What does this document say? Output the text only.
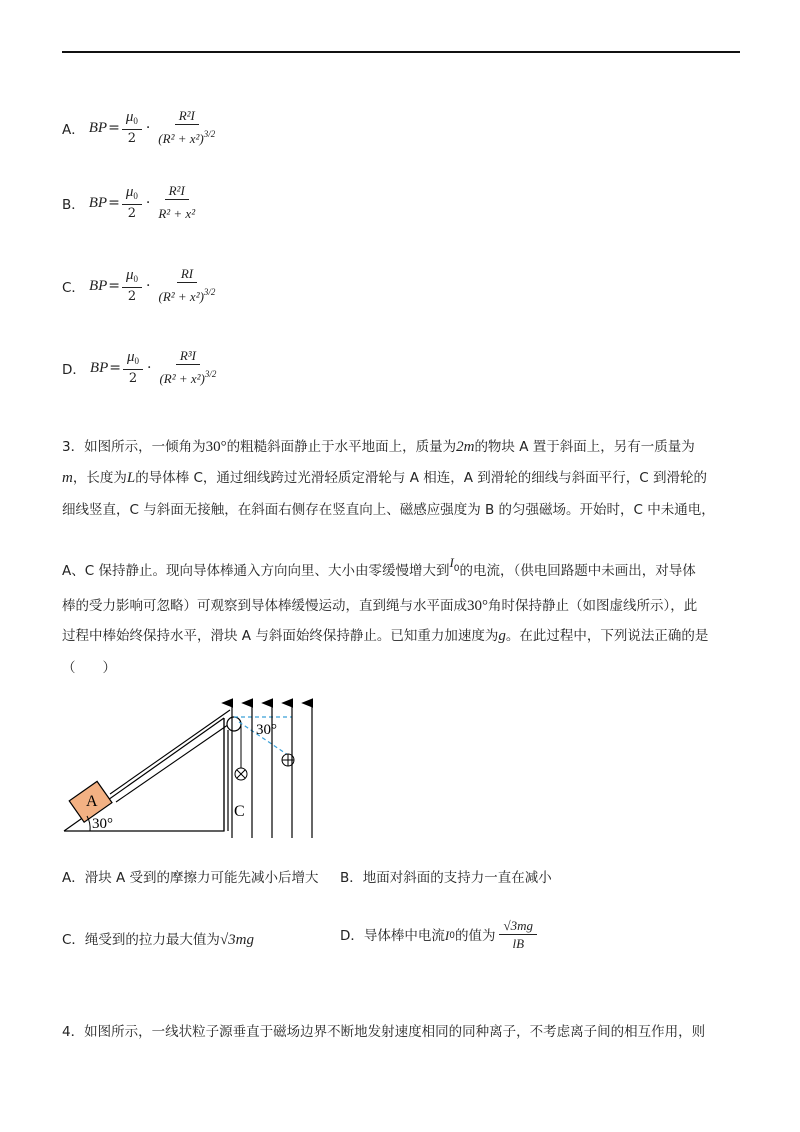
A． BP = $\frac{\mu_0}{2} \cdot \frac{\text{R²I}}{(R^2 + x^2)^{3/2}}$
B． BP = $\frac{\mu_0}{2} \cdot \frac{\text{R²I}}{\text{R² + x²}}$
C． BP = $\frac{\mu_0}{2} \cdot \frac{RI}{(R^2 + x^2)^{3/2}}$
D． BP = $\frac{\mu_0}{2} \cdot \frac{\text{R³I}}{(R^2 + x^2)^{3/2}}$
3．如图所示，一倾角为30°的粗糙斜面静止于水平地面上，质量为2m的物块 A 置于斜面上，另有一质量为
m，长度为L的导体棒 C，通过细线跨过光滑轻质定滑轮与 A 相连，A 到滑轮的细线与斜面平行，C 到滑轮的
细线竖直，C 与斜面无接触，在斜面右侧存在竖直向上、磁感应强度为 B 的匀强磁场。开始时，C 中未通电，
A、C 保持静止。现向导体棒通入方向向里、大小由零缓慢增大到$I^0$的电流，（供电回路题中未画出，对导体
棒的受力影响可忽略）可观察到导体棒缓慢运动，直到绳与水平面成30°角时保持静止（如图虚线所示），此
过程中棒始终保持水平，滑块 A 与斜面始终保持静止。已知重力加速度为g。在此过程中，下列说法正确的是
（　　）
A
30°
C
30°
A．滑块 A 受到的摩擦力可能先减小后增大 B．地面对斜面的支持力一直在减小
C．绳受到的拉力最大值为√3mg	D．导体棒中电流 I 0 的值为 $\frac{√3mg}{lB}$
4．如图所示，一线状粒子源垂直于磁场边界不断地发射速度相同的同种离子，不考虑离子间的相互作用，则
